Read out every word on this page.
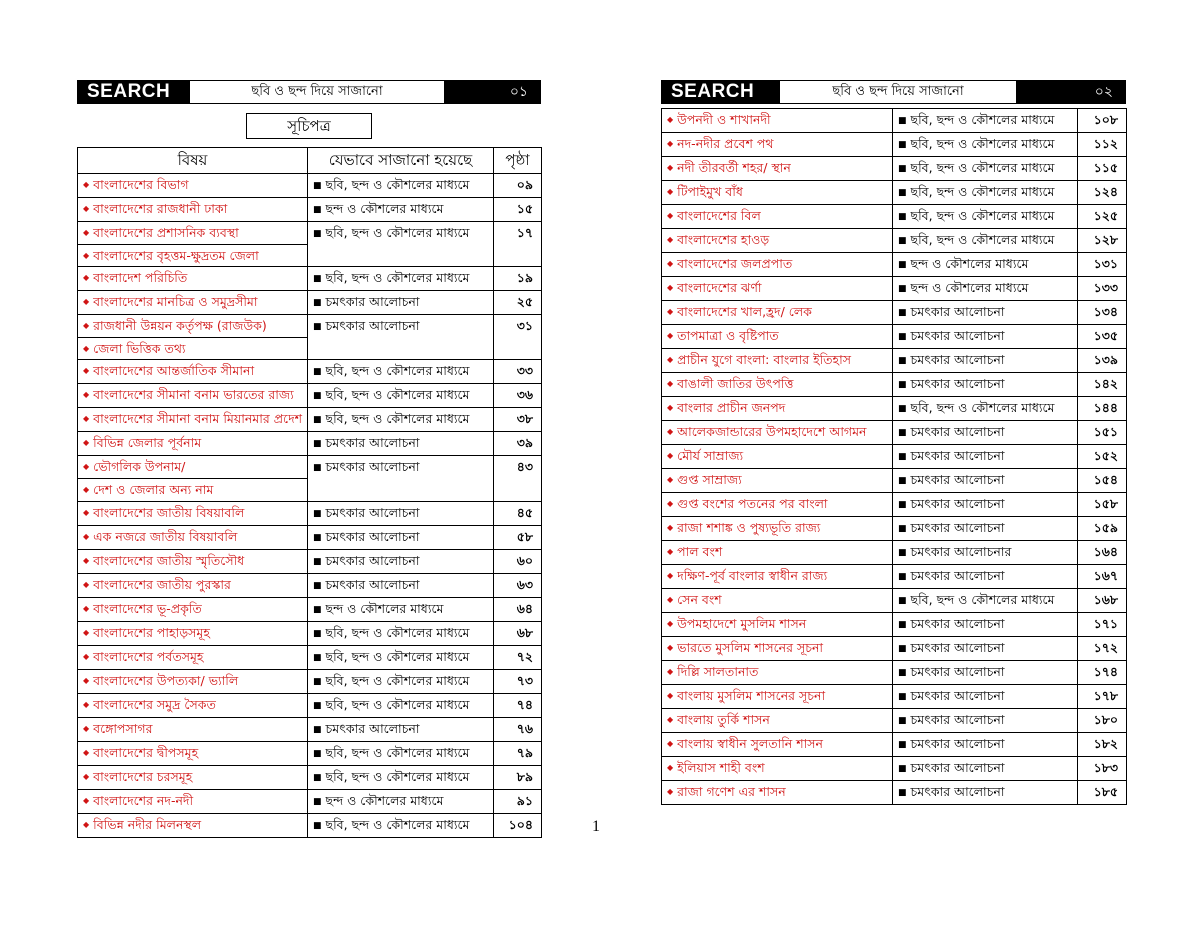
SEARCH	ছবি ও ছন্দ দিয়ে সাজানো	০১
সূচিপত্র
বিষয়	যেভাবে সাজানো হয়েছে	পৃষ্ঠা
◆ বাংলাদেশের বিভাগ	■ ছবি, ছন্দ ও কৌশলের মাধ্যমে	০৯
◆ বাংলাদেশের রাজধানী ঢাকা	■ ছন্দ ও কৌশলের মাধ্যমে	১৫
◆ বাংলাদেশের প্রশাসনিক ব্যবস্থা	■ ছবি, ছন্দ ও কৌশলের মাধ্যমে	১৭
◆ বাংলাদেশের বৃহত্তম-ক্ষুদ্রতম জেলা
◆ বাংলাদেশ পরিচিতি	■ ছবি, ছন্দ ও কৌশলের মাধ্যমে	১৯
◆ বাংলাদেশের মানচিত্র ও সমুদ্রসীমা	■ চমৎকার আলোচনা	২৫
◆ রাজধানী উন্নয়ন কর্তৃপক্ষ (রাজউক)	■ চমৎকার আলোচনা	৩১
◆ জেলা ভিত্তিক তথ্য
◆ বাংলাদেশের আন্তর্জাতিক সীমানা	■ ছবি, ছন্দ ও কৌশলের মাধ্যমে	৩৩
◆ বাংলাদেশের সীমানা বনাম ভারতের রাজ্য	■ ছবি, ছন্দ ও কৌশলের মাধ্যমে	৩৬
◆ বাংলাদেশের সীমানা বনাম মিয়ানমার প্রদেশ	■ ছবি, ছন্দ ও কৌশলের মাধ্যমে	৩৮
◆ বিভিন্ন জেলার পূর্বনাম	■ চমৎকার আলোচনা	৩৯
◆ ভৌগলিক উপনাম/	■ চমৎকার আলোচনা	৪৩
◆ দেশ ও জেলার অন্য নাম
◆ বাংলাদেশের জাতীয় বিষয়াবলি	■ চমৎকার আলোচনা	৪৫
◆ এক নজরে জাতীয় বিষয়াবলি	■ চমৎকার আলোচনা	৫৮
◆ বাংলাদেশের জাতীয় স্মৃতিসৌধ	■ চমৎকার আলোচনা	৬০
◆ বাংলাদেশের জাতীয় পুরস্কার	■ চমৎকার আলোচনা	৬৩
◆ বাংলাদেশের ভূ-প্রকৃতি	■ ছন্দ ও কৌশলের মাধ্যমে	৬৪
◆ বাংলাদেশের পাহাড়সমূহ	■ ছবি, ছন্দ ও কৌশলের মাধ্যমে	৬৮
◆ বাংলাদেশের পর্বতসমূহ	■ ছবি, ছন্দ ও কৌশলের মাধ্যমে	৭২
◆ বাংলাদেশের উপত্যকা/ ভ্যালি	■ ছবি, ছন্দ ও কৌশলের মাধ্যমে	৭৩
◆ বাংলাদেশের সমুদ্র সৈকত	■ ছবি, ছন্দ ও কৌশলের মাধ্যমে	৭৪
◆ বঙ্গোপসাগর	■ চমৎকার আলোচনা	৭৬
◆ বাংলাদেশের দ্বীপসমূহ	■ ছবি, ছন্দ ও কৌশলের মাধ্যমে	৭৯
◆ বাংলাদেশের চরসমূহ	■ ছবি, ছন্দ ও কৌশলের মাধ্যমে	৮৯
◆ বাংলাদেশের নদ-নদী	■ ছন্দ ও কৌশলের মাধ্যমে	৯১
◆ বিভিন্ন নদীর মিলনস্থল	■ ছবি, ছন্দ ও কৌশলের মাধ্যমে	১০৪
SEARCH	ছবি ও ছন্দ দিয়ে সাজানো	০২
◆ উপনদী ও শাখানদী	■ ছবি, ছন্দ ও কৌশলের মাধ্যমে	১০৮
◆ নদ-নদীর প্রবেশ পথ	■ ছবি, ছন্দ ও কৌশলের মাধ্যমে	১১২
◆ নদী তীরবর্তী শহর/ স্থান	■ ছবি, ছন্দ ও কৌশলের মাধ্যমে	১১৫
◆ টিপাইমুখ বাঁধ	■ ছবি, ছন্দ ও কৌশলের মাধ্যমে	১২৪
◆ বাংলাদেশের বিল	■ ছবি, ছন্দ ও কৌশলের মাধ্যমে	১২৫
◆ বাংলাদেশের হাওড়	■ ছবি, ছন্দ ও কৌশলের মাধ্যমে	১২৮
◆ বাংলাদেশের জলপ্রপাত	■ ছন্দ ও কৌশলের মাধ্যমে	১৩১
◆ বাংলাদেশের ঝর্ণা	■ ছন্দ ও কৌশলের মাধ্যমে	১৩৩
◆ বাংলাদেশের খাল,হ্রদ/ লেক	■ চমৎকার আলোচনা	১৩৪
◆ তাপমাত্রা ও বৃষ্টিপাত	■ চমৎকার আলোচনা	১৩৫
◆ প্রাচীন যুগে বাংলা: বাংলার ইতিহাস	■ চমৎকার আলোচনা	১৩৯
◆ বাঙালী জাতির উৎপত্তি	■ চমৎকার আলোচনা	১৪২
◆ বাংলার প্রাচীন জনপদ	■ ছবি, ছন্দ ও কৌশলের মাধ্যমে	১৪৪
◆ আলেকজান্ডারের উপমহাদেশে আগমন	■ চমৎকার আলোচনা	১৫১
◆ মৌর্য সাম্রাজ্য	■ চমৎকার আলোচনা	১৫২
◆ গুপ্ত সাম্রাজ্য	■ চমৎকার আলোচনা	১৫৪
◆ গুপ্ত বংশের পতনের পর বাংলা	■ চমৎকার আলোচনা	১৫৮
◆ রাজা শশাঙ্ক ও পুষ্যভূতি রাজ্য	■ চমৎকার আলোচনা	১৫৯
◆ পাল বংশ	■ চমৎকার আলোচনার	১৬৪
◆ দক্ষিণ-পূর্ব বাংলার স্বাধীন রাজ্য	■ চমৎকার আলোচনা	১৬৭
◆ সেন বংশ	■ ছবি, ছন্দ ও কৌশলের মাধ্যমে	১৬৮
◆ উপমহাদেশে মুসলিম শাসন	■ চমৎকার আলোচনা	১৭১
◆ ভারতে মুসলিম শাসনের সূচনা	■ চমৎকার আলোচনা	১৭২
◆ দিল্লি সালতানাত	■ চমৎকার আলোচনা	১৭৪
◆ বাংলায় মুসলিম শাসনের সূচনা	■ চমৎকার আলোচনা	১৭৮
◆ বাংলায় তুর্কি শাসন	■ চমৎকার আলোচনা	১৮০
◆ বাংলায় স্বাধীন সুলতানি শাসন	■ চমৎকার আলোচনা	১৮২
◆ ইলিয়াস শাহী বংশ	■ চমৎকার আলোচনা	১৮৩
◆ রাজা গণেশ এর শাসন	■ চমৎকার আলোচনা	১৮৫
1
